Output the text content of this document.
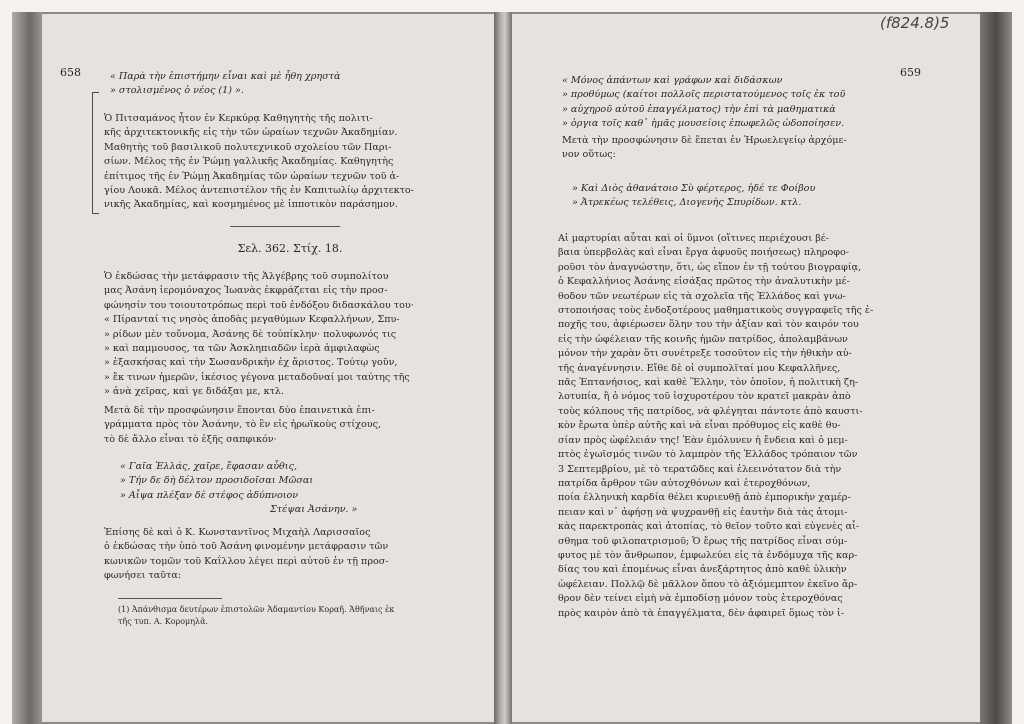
(f824.8)5
658	« Παρὰ τὴν ἐπιστήμην εἶναι καὶ μὲ ἦθη χρηστὰ
» στολισμένος ὁ νέος (1) ».
Ὁ Πιτσαμάνος ἦτον ἐν Κερκύρᾳ Καθηγητὴς τῆς πολιτι-
κῆς ἀρχιτεκτονικῆς εἰς τὴν τῶν ὡραίων τεχνῶν Ἀκαδημίαν.
Μαθητὴς τοῦ βασιλικοῦ πολυτεχνικοῦ σχολείου τῶν Παρι-
σίων. Μέλος τῆς ἐν Ῥώμῃ γαλλικῆς Ἀκαδημίας. Καθηγητὴς
ἐπίτιμος τῆς ἐν Ῥώμῃ Ἀκαδημίας τῶν ὡραίων τεχνῶν τοῦ ἁ-
γίου Λουκᾶ. Μέλος ἀντεπιστέλον τῆς ἐν Καπιτωλίῳ ἀρχιτεκτο-
νικῆς Ἀκαδημίας, καὶ κοσμημένος μὲ ἱπποτικὸν παράσημον.
Σελ. 362. Στίχ. 18.
Ὁ ἐκδώσας τὴν μετάφρασιν τῆς Ἀλγέβρης τοῦ συμπολίτου
μας Ἀσάνη ἱερομόναχος Ἰωανὰς ἐκφράζεται εἰς τὴν προσ-
φώνησίν του τοιουτοτρόπως περὶ τοῦ ἐνδόξου διδασκάλου του·
« Πίρανταί τις νησὸς ἀποδὰς μεγαθύμων Κεφαλλήνων, Σπυ-
» ρίδων μὲν τοὔνομα, Ἀσάνης δὲ τοὐπίκλην· πολυφωνός τις
» καὶ παμμουσος, τα τῶν Ἀσκληπιαδῶν ἱερὰ ἀμφιλαφὼς
» ἐξασκήσας καὶ τὴν Σωσανδρικὴν ἐχ ἄριστος. Τούτῳ γοῦν,
» ἔκ τινων ἡμερῶν, ἱκέσιος γέγονα μεταδοῦναί μοι ταύτης τῆς
» ἀνὰ χεῖρας, καὶ γε διδάξαι με, κτλ.
Μετὰ δὲ τὴν προσφώνησιν ἕπονται δύο ἐπαινετικὰ ἐπι-
γράμματα πρὸς τὸν Ἀσάνην, τὸ ἓν εἰς ἡρωϊκοὺς στίχους,
τὸ δὲ ἄλλο εἶναι τὸ ἑξῆς σαπφικόν·
« Γαῖα Ἑλλάς, χαῖρε, ἔφασαν αὖθις,
» Τήν δε δὴ δέλτον προσιδοῖσαι Μῶσαι
» Αἶψα πλέξαν δὲ στέφος ἀδύπνοιον
Στέψαι Ἀσάνην. »
Ἐπίσης δὲ καὶ ὁ Κ. Κωνσταντῖνος Μιχαὴλ Λαρισσαῖος
ὁ ἐκδώσας τὴν ὑπὸ τοῦ Ἀσάνη φινομένην μετάφρασιν τῶν
κωνικῶν τομῶν τοῦ Καΐλλου λέγει περὶ αὐτοῦ ἐν τῇ προσ-
φωνήσει ταῦτα:
(1) Ἀπάνθισμα δευτέρων ἐπιστολῶν Ἀδαμαντίου Κοραῆ. Ἀθῆναις ἐκ
τῆς τυπ. Α. Κορομηλᾶ.
659
« Μόνος ἁπάντων καὶ γράφων καὶ διδάσκων
» προθύμως (καίτοι πολλοῖς περιστατούμενος τοῖς ἐκ τοῦ
» αὐχηροῦ αὐτοῦ ἐπαγγέλματος) τὴν ἐπὶ τὰ μαθηματικὰ
» ὁργια τοῖς καθ᾽ ἡμᾶς μουσείοις ἐπωφελῶς ὡδοποίησεν.
Μετὰ τὴν προσφώνησιν δὲ ἕπεται ἐν Ἡρωελεγείῳ ἀρχόμε-
νον οὕτως:
» Καὶ Διὸς ἀθανάτοιο Σὺ φέρτερος, ἠδέ τε Φοίβου
» Ἀτρεκέως τελέθεις, Διογενὴς Σπυρίδων. κτλ.
Αἱ μαρτυρίαι αὗται καὶ οἱ ὕμνοι (οἵτινες περιέχουσι βέ-
βαια ὑπερβολὰς καὶ εἶναι ἔργα ἀφυοῦς ποιήσεως) πληροφο-
ροῦσι τὸν ἀναγνώστην, ὅτι, ὡς εἴπον ἐν τῇ τούτου βιογραφίᾳ,
ὁ Κεφαλλήνιος Ἀσάνης εἰσάξας πρῶτος τὴν ἀναλυτικὴν μέ-
θοδον τῶν νεωτέρων εἰς τὰ σχολεῖα τῆς Ἑλλάδος καὶ γνω-
στοποιήσας τοὺς ἐνδοξοτέρους μαθηματικοὺς συγγραφεῖς τῆς ἐ-
ποχῆς του, ἀφιέρωσεν ὅλην του τὴν ἀξίαν καὶ τὸν καιρόν του
εἰς τὴν ὠφέλειαν τῆς κοινῆς ἡμῶν πατρίδος, ἀπολαμβάνων
μόνον τὴν χαρὰν ὅτι συνέτρεξε τοσοῦτον εἰς τὴν ἠθικὴν αὐ-
τῆς ἀναγέννησιν. Εἴθε δὲ οἱ συμπολῖταί μου Κεφαλλῆνες,
πᾶς Ἑπτανήσιος, καὶ καθὲ Ἕλλην, τὸν ὁποῖον, ἡ πολιτικὴ ζη-
λοτυπία, ἢ ὁ νόμος τοῦ ἰσχυροτέρου τὸν κρατεῖ μακρὰν ἀπὸ
τοὺς κόλπους τῆς πατρίδος, νὰ φλέγηται πάντοτε ἀπὸ καυστι-
κὸν ἔρωτα ὑπὲρ αὐτῆς καὶ νὰ εἶναι πρόθυμος εἰς καθὲ θυ-
σίαν πρὸς ὠφέλειάν της! Ἐὰν ἐμόλυνεν ἡ ἔνδεια καὶ ὁ μεμ-
πτὸς ἐγωϊσμός τινῶν τὸ λαμπρὸν τῆς Ἑλλάδος τρόπαιον τῶν
3 Σεπτεμβρίου, μὲ τὸ τερατῶδες καὶ ἐλεεινότατον διὰ τὴν
πατρίδα ἄρθρον τῶν αὐτοχθόνων καὶ ἑτεροχθόνων,
ποία ἑλληνικὴ καρδία θέλει κυριευθῇ ἀπὸ ἐμπορικὴν χαμέρ-
πειαν καὶ ν᾽ ἀφήσῃ νὰ ψυχρανθῇ εἰς ἑαυτὴν διὰ τὰς ἀτομι-
κὰς παρεκτροπὰς καὶ ἀτοπίας, τὸ θεῖον τοῦτο καὶ εὐγενὲς αἶ-
σθημα τοῦ φιλοπατρισμοῦ; Ὁ ἔρως τῆς πατρίδος εἶναι σύμ-
φυτος μὲ τὸν ἄνθρωπον, ἐμφωλεύει εἰς τὰ ἐνδόμυχα τῆς καρ-
δίας του καὶ ἐπομένως εἶναι ἀνεξάρτητος ἀπὸ καθὲ ὑλικὴν
ὠφέλειαν. Πολλῷ δὲ μᾶλλον ὅπου τὸ ἀξιόμεμπτον ἐκεῖνο ἄρ-
θρον δὲν τείνει εἰμὴ νὰ ἐμποδίσῃ μόνον τοὺς ἑτεροχθόνας
πρὸς καιρὸν ἀπὸ τὰ ἐπαγγέλματα, δὲν ἀφαιρεῖ ὅμως τὸν ἰ-
